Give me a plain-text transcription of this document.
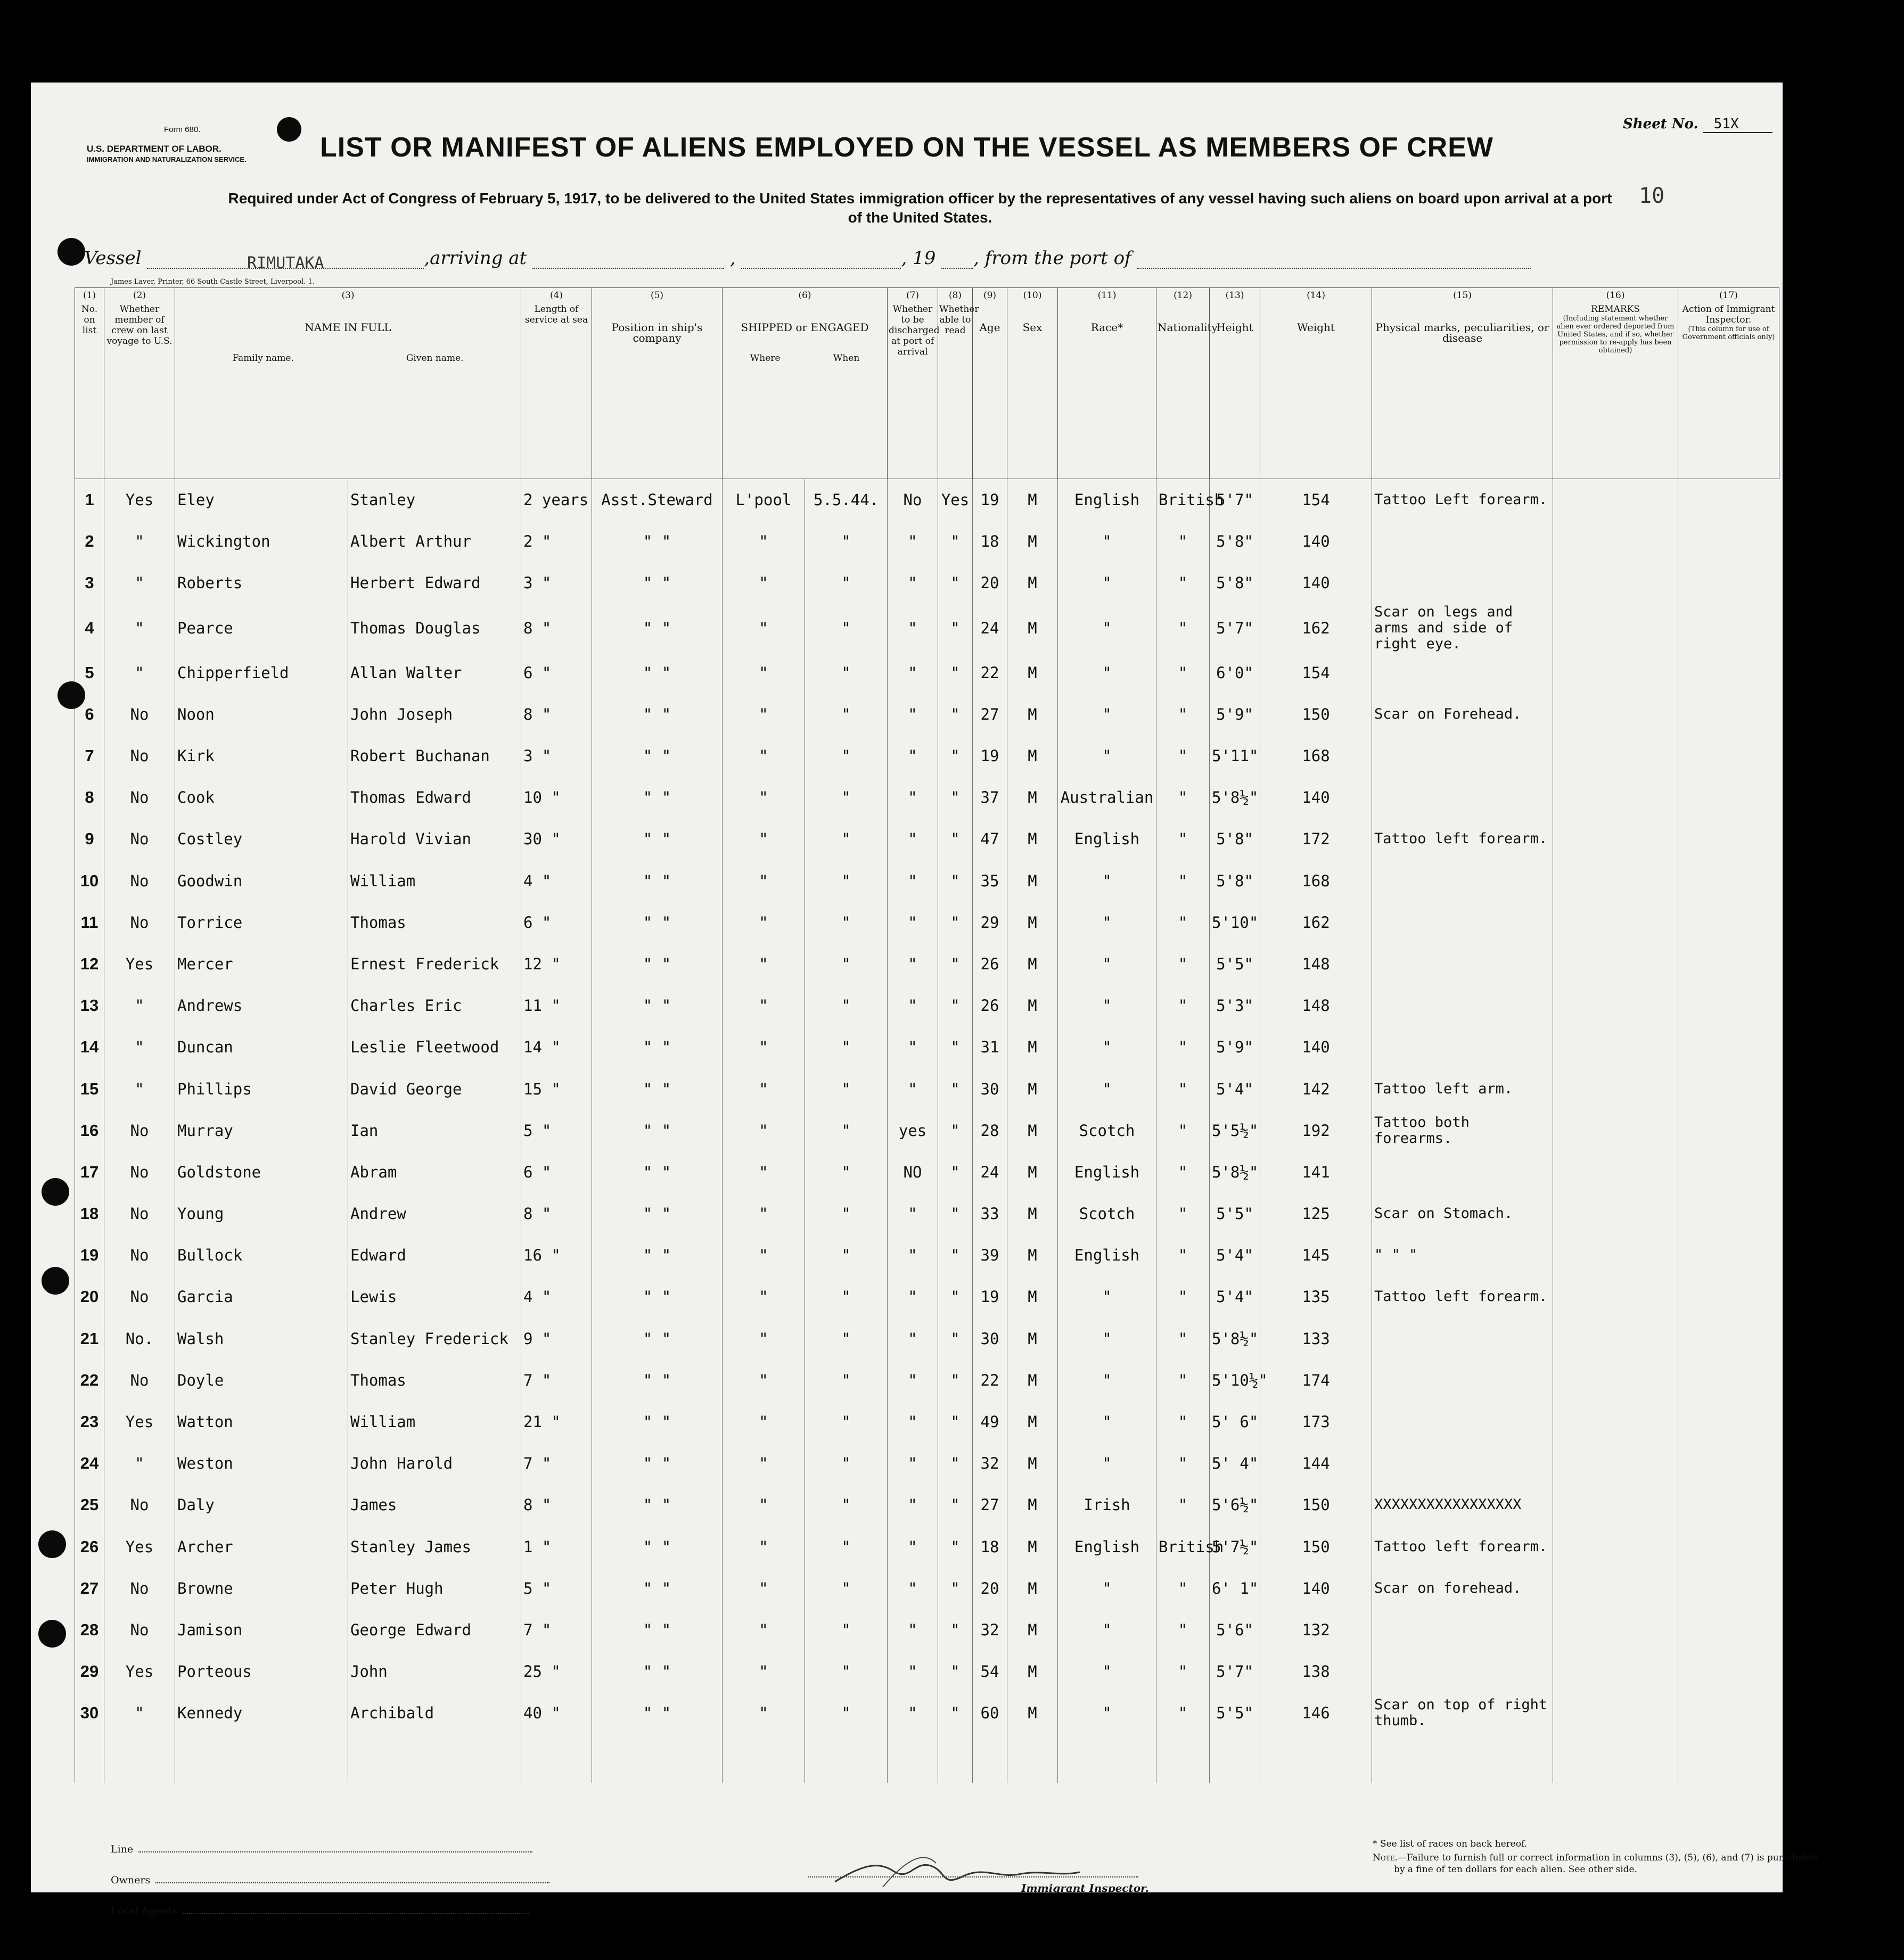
Form 680.
U.S. DEPARTMENT OF LABOR.
IMMIGRATION AND NATURALIZATION SERVICE.
Sheet No. 51X
LIST OR MANIFEST OF ALIENS EMPLOYED ON THE VESSEL AS MEMBERS OF CREW
Required under Act of Congress of February 5, 1917, to be delivered to the United States immigration officer by the representatives of any vessel having such aliens on board upon arrival at a port of the United States.
10
Vessel	RIMUTAKA	,arriving at	,	, 19 , from the port of
James Laver, Printer, 66 South Castle Street, Liverpool. 1.
(1)
No. on list	(2)
Whether member of crew on last voyage to U.S.	(3)
NAME IN FULL
Family name. Given name.		(4)
Length of service at sea	(5)
Position in ship's company	(6)
SHIPPED or ENGAGED
Where When		(7)
Whether to be discharged at port of arrival	(8)
Whether able to read	(9)
Age	(10)
Sex	(11)
Race*	(12)
Nationality	(13)
Height	(14)
Weight	(15)
Physical marks, peculiarities, or disease	(16)
REMARKS
(Including statement whether alien ever ordered deported from United States, and if so, whether permission to re-apply has been obtained)	(17)
Action of Immigrant Inspector.
(This column for use of Government officials only)

1	Yes	Eley	Stanley	2 years	Asst.Steward	L'pool	5.5.44.	No	Yes	19	M	English	British	5'7"	154	Tattoo Left forearm.		
2	"	Wickington	Albert Arthur	2 "	" "	"	"	"	"	18	M	"	"	5'8"	140			
3	"	Roberts	Herbert Edward	3 "	" "	"	"	"	"	20	M	"	"	5'8"	140			
4	"	Pearce	Thomas Douglas	8 "	" "	"	"	"	"	24	M	"	"	5'7"	162	Scar on legs and arms and side of right eye.		
5	"	Chipperfield	Allan Walter	6 "	" "	"	"	"	"	22	M	"	"	6'0"	154			
6	No	Noon	John Joseph	8 "	" "	"	"	"	"	27	M	"	"	5'9"	150	Scar on Forehead.		
7	No	Kirk	Robert Buchanan	3 "	" "	"	"	"	"	19	M	"	"	5'11"	168			
8	No	Cook	Thomas Edward	10 "	" "	"	"	"	"	37	M	Australian	"	5'8½"	140			
9	No	Costley	Harold Vivian	30 "	" "	"	"	"	"	47	M	English	"	5'8"	172	Tattoo left forearm.		
10	No	Goodwin	William	4 "	" "	"	"	"	"	35	M	"	"	5'8"	168			
11	No	Torrice	Thomas	6 "	" "	"	"	"	"	29	M	"	"	5'10"	162			
12	Yes	Mercer	Ernest Frederick	12 "	" "	"	"	"	"	26	M	"	"	5'5"	148			
13	"	Andrews	Charles Eric	11 "	" "	"	"	"	"	26	M	"	"	5'3"	148			
14	"	Duncan	Leslie Fleetwood	14 "	" "	"	"	"	"	31	M	"	"	5'9"	140			
15	"	Phillips	David George	15 "	" "	"	"	"	"	30	M	"	"	5'4"	142	Tattoo left arm.		
16	No	Murray	Ian	5 "	" "	"	"	yes	"	28	M	Scotch	"	5'5½"	192	Tattoo both forearms.		
17	No	Goldstone	Abram	6 "	" "	"	"	NO	"	24	M	English	"	5'8½"	141			
18	No	Young	Andrew	8 "	" "	"	"	"	"	33	M	Scotch	"	5'5"	125	Scar on Stomach.		
19	No	Bullock	Edward	16 "	" "	"	"	"	"	39	M	English	"	5'4"	145	" " "		
20	No	Garcia	Lewis	4 "	" "	"	"	"	"	19	M	"	"	5'4"	135	Tattoo left forearm.		
21	No.	Walsh	Stanley Frederick	9 "	" "	"	"	"	"	30	M	"	"	5'8½"	133			
22	No	Doyle	Thomas	7 "	" "	"	"	"	"	22	M	"	"	5'10½"	174			
23	Yes	Watton	William	21 "	" "	"	"	"	"	49	M	"	"	5' 6"	173			
24	"	Weston	John Harold	7 "	" "	"	"	"	"	32	M	"	"	5' 4"	144			
25	No	Daly	James	8 "	" "	"	"	"	"	27	M	Irish	"	5'6½"	150	XXXXXXXXXXXXXXXXX		
26	Yes	Archer	Stanley James	1 "	" "	"	"	"	"	18	M	English	British	5'7½"	150	Tattoo left forearm.		
27	No	Browne	Peter Hugh	5 "	" "	"	"	"	"	20	M	"	"	6' 1"	140	Scar on forehead.		
28	No	Jamison	George Edward	7 "	" "	"	"	"	"	32	M	"	"	5'6"	132			
29	Yes	Porteous	John	25 "	" "	"	"	"	"	54	M	"	"	5'7"	138			
30	"	Kennedy	Archibald	40 "	" "	"	"	"	"	60	M	"	"	5'5"	146	Scar on top of right thumb.		

Line
Owners
Local Agents
Immigrant Inspector.

* See list of races on back hereof.

Note.—Failure to furnish full or correct information in columns (3), (5), (6), and (7) is punishable by a fine of ten dollars for each alien. See other side.
